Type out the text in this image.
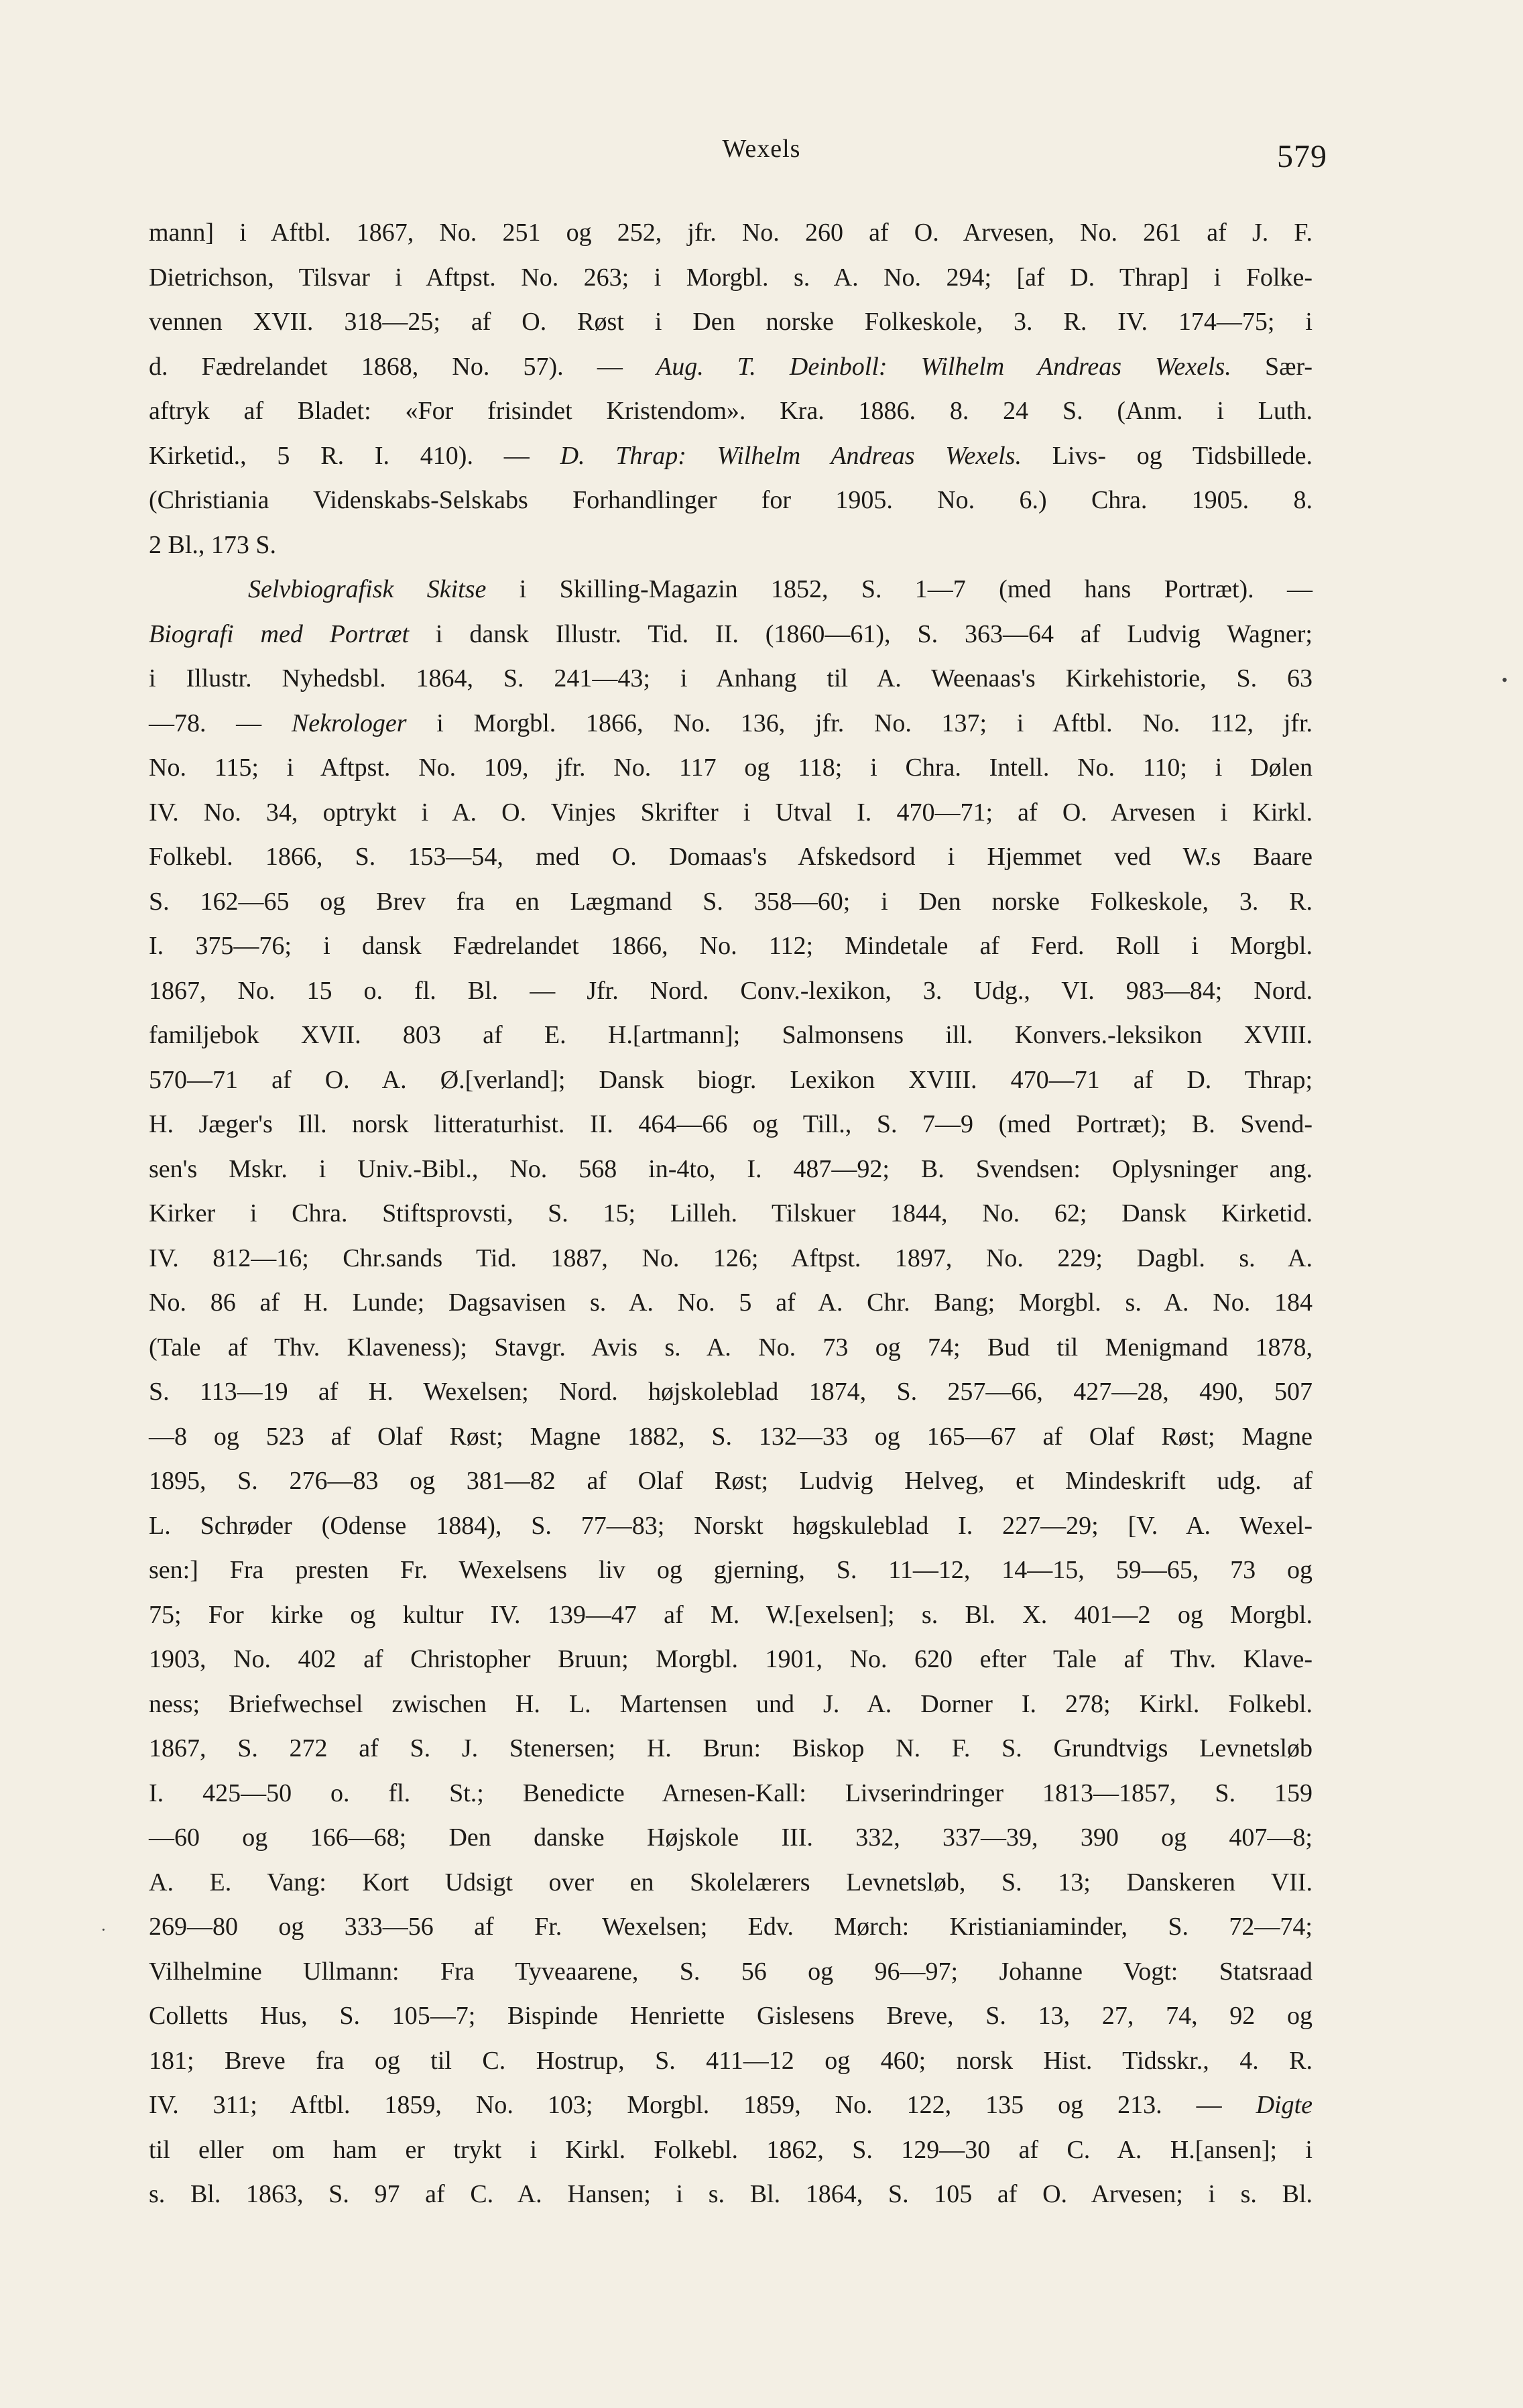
Wexels	579
mann] i Aftbl. 1867, No. 251 og 252, jfr. No. 260 af O. Arvesen, No. 261 af J. F.
Dietrichson, Tilsvar i Aftpst. No. 263; i Morgbl. s. A. No. 294; [af D. Thrap] i Folke-
vennen XVII. 318—25; af O. Røst i Den norske Folkeskole, 3. R. IV. 174—75; i
d. Fædrelandet 1868, No. 57). — Aug. T. Deinboll: Wilhelm Andreas Wexels. Sær-
aftryk af Bladet: «For frisindet Kristendom». Kra. 1886. 8. 24 S. (Anm. i Luth.
Kirketid., 5 R. I. 410). — D. Thrap: Wilhelm Andreas Wexels. Livs- og Tidsbillede.
(Christiania Videnskabs-Selskabs Forhandlinger for 1905. No. 6.) Chra. 1905. 8.
2 Bl., 173 S.
Selvbiografisk Skitse i Skilling-Magazin 1852, S. 1—7 (med hans Portræt). —
Biografi med Portræt i dansk Illustr. Tid. II. (1860—61), S. 363—64 af Ludvig Wagner;
i Illustr. Nyhedsbl. 1864, S. 241—43; i Anhang til A. Weenaas's Kirkehistorie, S. 63
—78. — Nekrologer i Morgbl. 1866, No. 136, jfr. No. 137; i Aftbl. No. 112, jfr.
No. 115; i Aftpst. No. 109, jfr. No. 117 og 118; i Chra. Intell. No. 110; i Dølen
IV. No. 34, optrykt i A. O. Vinjes Skrifter i Utval I. 470—71; af O. Arvesen i Kirkl.
Folkebl. 1866, S. 153—54, med O. Domaas's Afskedsord i Hjemmet ved W.s Baare
S. 162—65 og Brev fra en Lægmand S. 358—60; i Den norske Folkeskole, 3. R.
I. 375—76; i dansk Fædrelandet 1866, No. 112; Mindetale af Ferd. Roll i Morgbl.
1867, No. 15 o. fl. Bl. — Jfr. Nord. Conv.-lexikon, 3. Udg., VI. 983—84; Nord.
familjebok XVII. 803 af E. H.[artmann]; Salmonsens ill. Konvers.-leksikon XVIII.
570—71 af O. A. Ø.[verland]; Dansk biogr. Lexikon XVIII. 470—71 af D. Thrap;
H. Jæger's Ill. norsk litteraturhist. II. 464—66 og Till., S. 7—9 (med Portræt); B. Svend-
sen's Mskr. i Univ.-Bibl., No. 568 in-4to, I. 487—92; B. Svendsen: Oplysninger ang.
Kirker i Chra. Stiftsprovsti, S. 15; Lilleh. Tilskuer 1844, No. 62; Dansk Kirketid.
IV. 812—16; Chr.sands Tid. 1887, No. 126; Aftpst. 1897, No. 229; Dagbl. s. A.
No. 86 af H. Lunde; Dagsavisen s. A. No. 5 af A. Chr. Bang; Morgbl. s. A. No. 184
(Tale af Thv. Klaveness); Stavgr. Avis s. A. No. 73 og 74; Bud til Menigmand 1878,
S. 113—19 af H. Wexelsen; Nord. højskoleblad 1874, S. 257—66, 427—28, 490, 507
—8 og 523 af Olaf Røst; Magne 1882, S. 132—33 og 165—67 af Olaf Røst; Magne
1895, S. 276—83 og 381—82 af Olaf Røst; Ludvig Helveg, et Mindeskrift udg. af
L. Schrøder (Odense 1884), S. 77—83; Norskt høgskuleblad I. 227—29; [V. A. Wexel-
sen:] Fra presten Fr. Wexelsens liv og gjerning, S. 11—12, 14—15, 59—65, 73 og
75; For kirke og kultur IV. 139—47 af M. W.[exelsen]; s. Bl. X. 401—2 og Morgbl.
1903, No. 402 af Christopher Bruun; Morgbl. 1901, No. 620 efter Tale af Thv. Klave-
ness; Briefwechsel zwischen H. L. Martensen und J. A. Dorner I. 278; Kirkl. Folkebl.
1867, S. 272 af S. J. Stenersen; H. Brun: Biskop N. F. S. Grundtvigs Levnetsløb
I. 425—50 o. fl. St.; Benedicte Arnesen-Kall: Livserindringer 1813—1857, S. 159
—60 og 166—68; Den danske Højskole III. 332, 337—39, 390 og 407—8;
A. E. Vang: Kort Udsigt over en Skolelærers Levnetsløb, S. 13; Danskeren VII.
269—80 og 333—56 af Fr. Wexelsen; Edv. Mørch: Kristianiaminder, S. 72—74;
Vilhelmine Ullmann: Fra Tyveaarene, S. 56 og 96—97; Johanne Vogt: Statsraad
Colletts Hus, S. 105—7; Bispinde Henriette Gislesens Breve, S. 13, 27, 74, 92 og
181; Breve fra og til C. Hostrup, S. 411—12 og 460; norsk Hist. Tidsskr., 4. R.
IV. 311; Aftbl. 1859, No. 103; Morgbl. 1859, No. 122, 135 og 213. — Digte
til eller om ham er trykt i Kirkl. Folkebl. 1862, S. 129—30 af C. A. H.[ansen]; i
s. Bl. 1863, S. 97 af C. A. Hansen; i s. Bl. 1864, S. 105 af O. Arvesen; i s. Bl.
•
·
